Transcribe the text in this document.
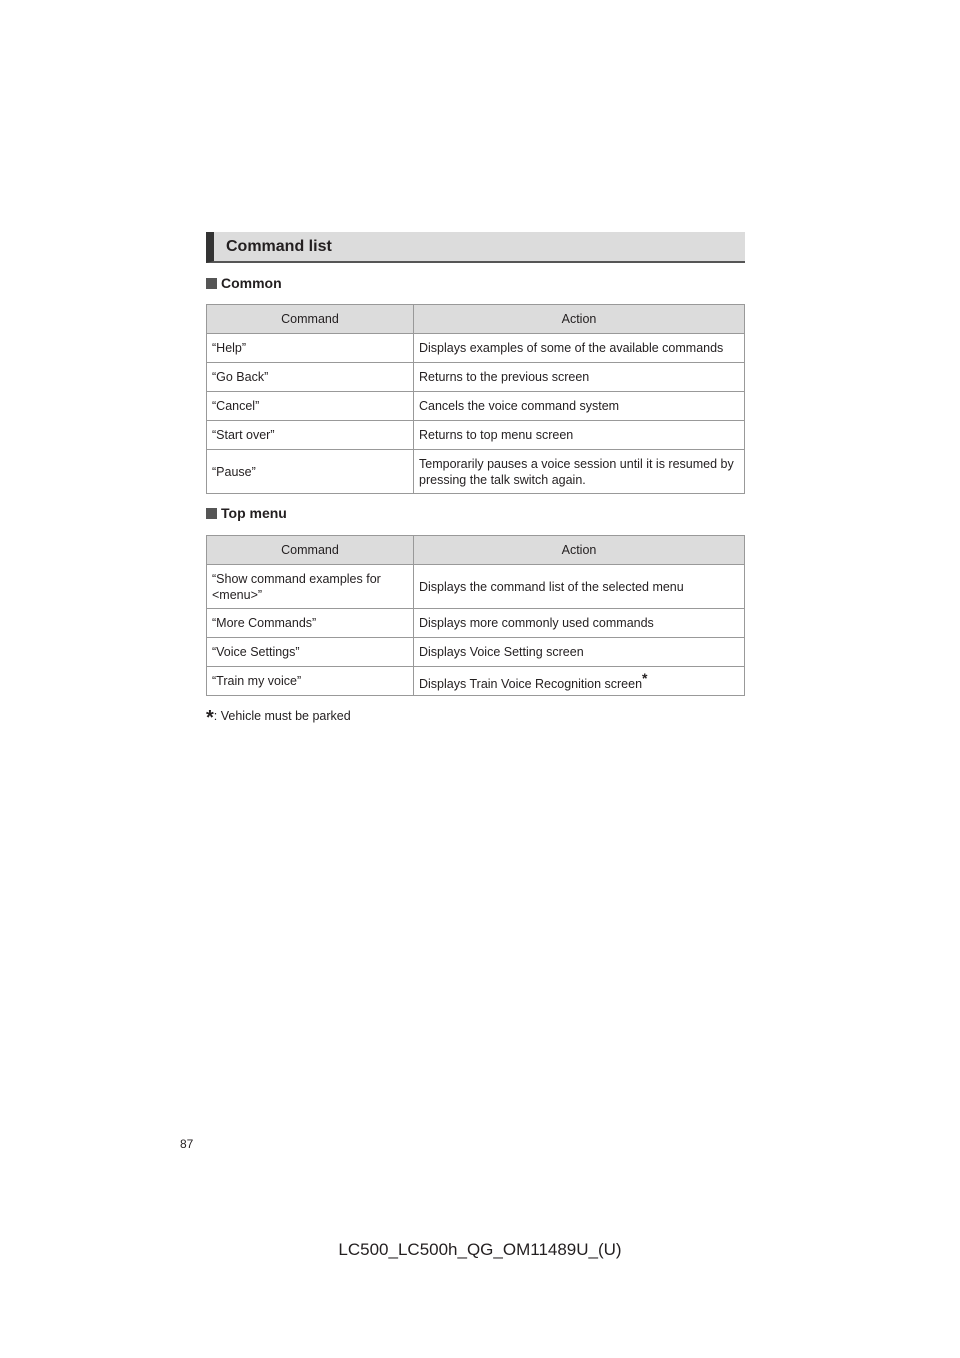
Command list
Common
Command	Action
“Help”	Displays examples of some of the available commands
“Go Back”	Returns to the previous screen
“Cancel”	Cancels the voice command system
“Start over”	Returns to top menu screen
“Pause”	Temporarily pauses a voice session until it is resumed by pressing the talk switch again.
Top menu
Command	Action
“Show command examples for <menu>”	Displays the command list of the selected menu
“More Commands”	Displays more commonly used commands
“Voice Settings”	Displays Voice Setting screen
“Train my voice”	Displays Train Voice Recognition screen*
*: Vehicle must be parked
87
LC500_LC500h_QG_OM11489U_(U)
